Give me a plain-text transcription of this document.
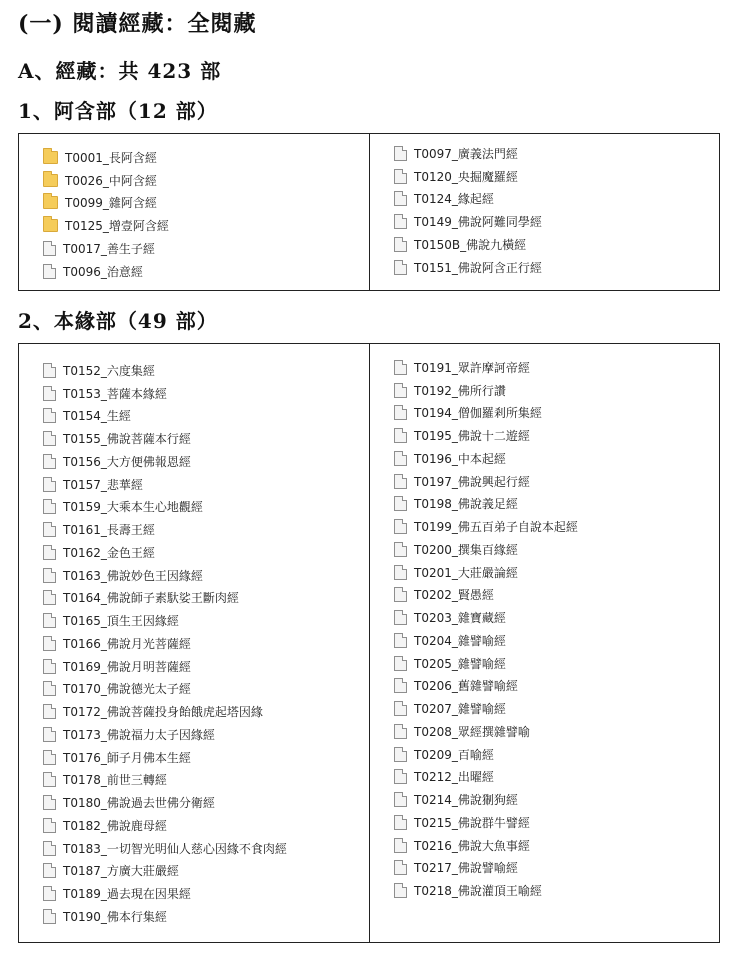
(一) 閱讀經藏：全閱藏
A、經藏：共 423 部
1、阿含部（12 部）
T0001_長阿含經
T0026_中阿含經
T0099_雜阿含經
T0125_增壹阿含經
T0017_善生子經
T0096_治意經
T0097_廣義法門經
T0120_央掘魔羅經
T0124_緣起經
T0149_佛說阿難同學經
T0150B_佛說九橫經
T0151_佛說阿含正行經
2、本緣部（49 部）
T0152_六度集經
T0153_菩薩本緣經
T0154_生經
T0155_佛說菩薩本行經
T0156_大方便佛報恩經
T0157_悲華經
T0159_大乘本生心地觀經
T0161_長壽王經
T0162_金色王經
T0163_佛說妙色王因緣經
T0164_佛說師子素馱娑王斷肉經
T0165_頂生王因緣經
T0166_佛說月光菩薩經
T0169_佛說月明菩薩經
T0170_佛說德光太子經
T0172_佛說菩薩投身飴餓虎起塔因緣
T0173_佛說福力太子因緣經
T0176_師子月佛本生經
T0178_前世三轉經
T0180_佛說過去世佛分衛經
T0182_佛說鹿母經
T0183_一切智光明仙人慈心因緣不食肉經
T0187_方廣大莊嚴經
T0189_過去現在因果經
T0190_佛本行集經
T0191_眾許摩訶帝經
T0192_佛所行讚
T0194_僧伽羅剎所集經
T0195_佛說十二遊經
T0196_中本起經
T0197_佛說興起行經
T0198_佛說義足經
T0199_佛五百弟子自說本起經
T0200_撰集百緣經
T0201_大莊嚴論經
T0202_賢愚經
T0203_雜寶藏經
T0204_雜譬喻經
T0205_雜譬喻經
T0206_舊雜譬喻經
T0207_雜譬喻經
T0208_眾經撰雜譬喻
T0209_百喻經
T0212_出曜經
T0214_佛說猘狗經
T0215_佛說群牛譬經
T0216_佛說大魚事經
T0217_佛說譬喻經
T0218_佛說灌頂王喻經
